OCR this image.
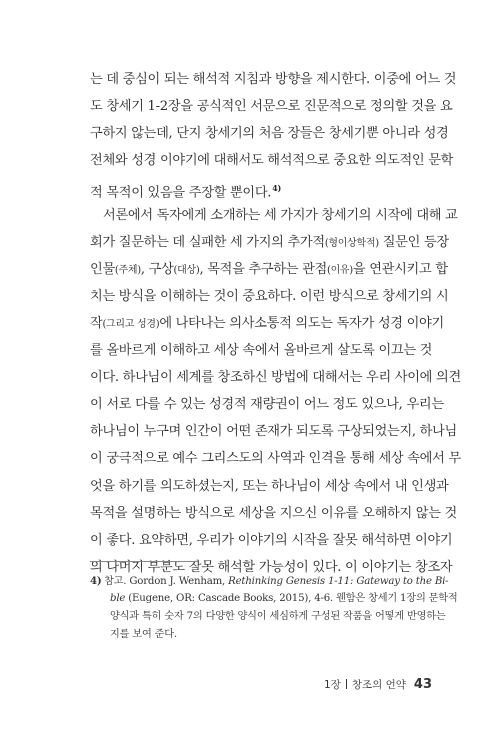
는 데 중심이 되는 해석적 지침과 방향을 제시한다. 이중에 어느 것
도 창세기 1-2장을 공식적인 서문으로 진문적으로 정의할 것을 요
구하지 않는데, 단지 창세기의 처음 장들은 창세기뿐 아니라 성경
전체와 성경 이야기에 대해서도 해석적으로 중요한 의도적인 문학
적 목적이 있음을 주장할 뿐이다.$^{4)}$
서론에서 독자에게 소개하는 세 가지가 창세기의 시작에 대해 교
회가 질문하는 데 실패한 세 가지의 추가적(형이상학적) 질문인 등장
인물(주체), 구상(대상), 목적을 추구하는 관점(이유)을 연관시키고 합
치는 방식을 이해하는 것이 중요하다. 이런 방식으로 창세기의 시
작(그리고 성경)에 나타나는 의사소통적 의도는 독자가 성경 이야기
를 올바르게 이해하고 세상 속에서 올바르게 살도록 이끄는 것
이다. 하나님이 세계를 창조하신 방법에 대해서는 우리 사이에 의견
이 서로 다를 수 있는 성경적 재량권이 어느 정도 있으나, 우리는
하나님이 누구며 인간이 어떤 존재가 되도록 구상되었는지, 하나님
이 궁극적으로 예수 그리스도의 사역과 인격을 통해 세상 속에서 무
엇을 하기를 의도하셨는지, 또는 하나님이 세상 속에서 내 인생과
목적을 설명하는 방식으로 세상을 지으신 이유를 오해하지 않는 것
이 좋다. 요약하면, 우리가 이야기의 시작을 잘못 해석하면 이야기
의 나머지 부분도 잘못 해석할 가능성이 있다. 이 이야기는 창조자
4) 참고. Gordon J. Wenham, Rethinking Genesis 1-11: Gateway to the Bi-
ble (Eugene, OR: Cascade Books, 2015), 4-6. 웬함은 창세기 1장의 문학적
양식과 특히 숫자 7의 다양한 양식이 세심하게 구성된 작품을 어떻게 반영하는
지를 보여 준다.
1장 창조의 언약 43
